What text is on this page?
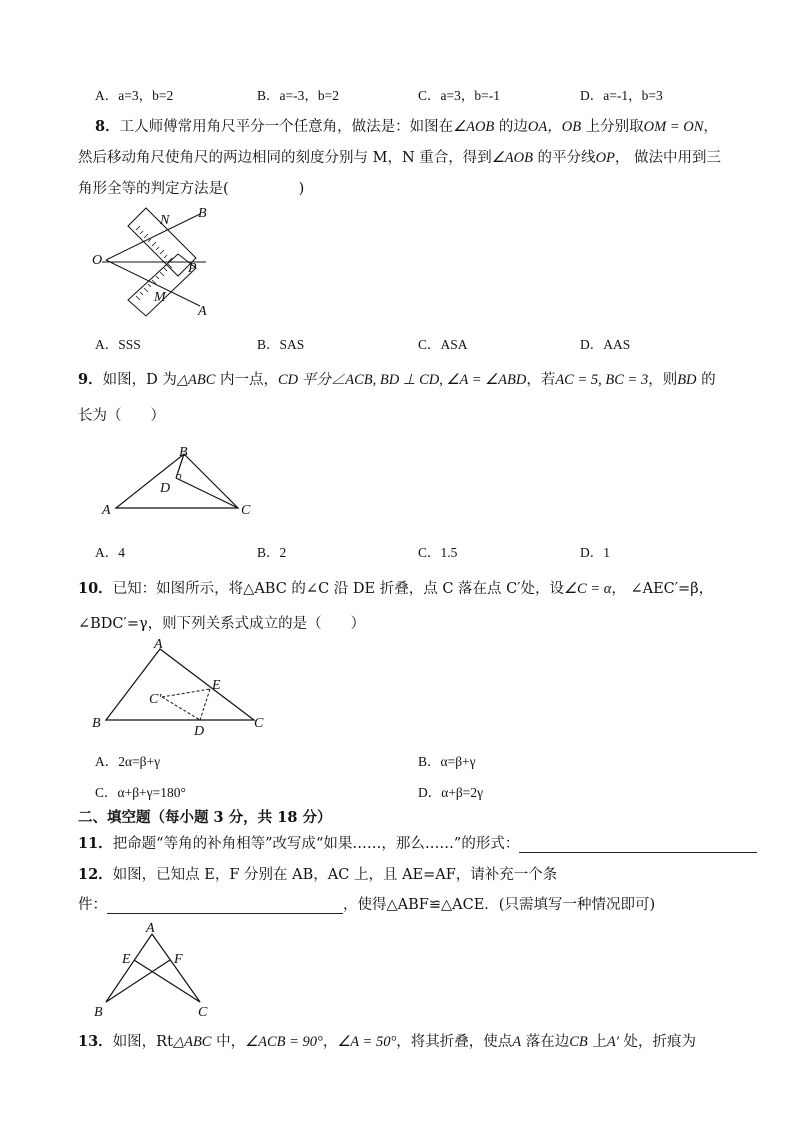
A．a=3，b=2	B．a=-3，b=2	C．a=3，b=-1	D．a=-1，b=3
8．工人师傅常用角尺平分一个任意角，做法是：如图在∠AOB 的边OA，OB 上分别取OM = ON，
然后移动角尺使角尺的两边相同的刻度分别与 M，N 重合，得到∠AOB 的平分线OP， 做法中用到三
角形全等的判定方法是(	)
N B
O
P
M
A
A．SSS	B．SAS	C．ASA	D．AAS
9．如图，D 为△ABC 内一点，CD 平分∠ACB, BD ⊥ CD, ∠A = ∠ABD，若AC = 5, BC = 3，则BD 的
长为（　　）
B
D
A	C
A．4	B．2	C．1.5	D．1
10．已知：如图所示，将△ABC 的∠C 沿 DE 折叠，点 C 落在点 C′处，设∠C = α， ∠AEC′=β，
∠BDC′=γ，则下列关系式成立的是（　　）
A
E
C′
B	C
D
A．2α=β+γ	B．α=β+γ
C．α+β+γ=180°	D．α+β=2γ
二、填空题（每小题 3 分，共 18 分）
11．把命题“等角的补角相等”改写成“如果……，那么……”的形式：
12．如图，已知点 E，F 分别在 AB，AC 上，且 AE=AF，请补充一个条
件：	，使得△ABF≌△ACE．(只需填写一种情况即可)
A
E	F
B	C
13．如图，Rt△ABC 中，∠ACB = 90°，∠A = 50°，将其折叠，使点A 落在边CB 上A′ 处，折痕为
